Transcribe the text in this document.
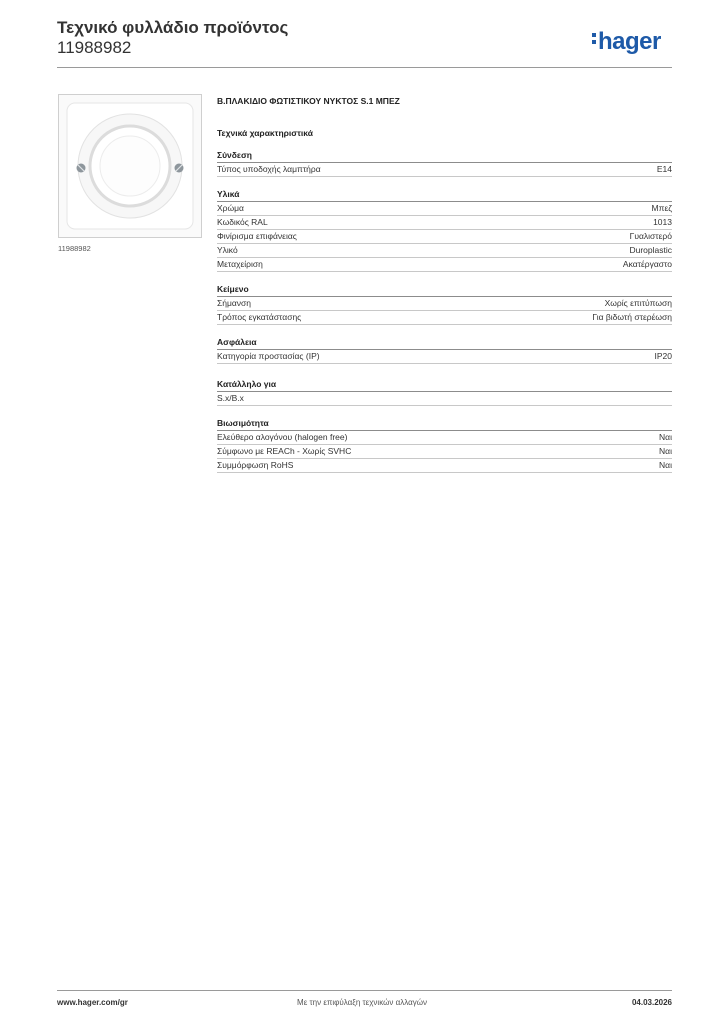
Τεχνικό φυλλάδιο προϊόντος
11988982	hager
11988982
Β.ΠΛΑΚΙΔΙΟ ΦΩΤΙΣΤΙΚΟΥ ΝΥΚΤΟΣ S.1 ΜΠΕΖ
Τεχνικά χαρακτηριστικά
Σύνδεση
Τύπος υποδοχής λαμπτήρα	E14
Υλικά
Χρώμα	Μπεζ
Κωδικός RAL	1013
Φινίρισμα επιφάνειας	Γυαλιστερό
Υλικό	Duroplastic
Μεταχείριση	Ακατέργαστο
Κείμενο
Σήμανση	Χωρίς επιτύπωση
Τρόπος εγκατάστασης	Για βιδωτή στερέωση
Ασφάλεια
Κατηγορία προστασίας (IP)	IP20
Κατάλληλο για
S.x/B.x
Βιωσιμότητα
Ελεύθερο αλογόνου (halogen free)	Ναι
Σύμφωνο με REACh - Χωρίς SVHC	Ναι
Συμμόρφωση RoHS	Ναι
www.hager.com/gr	Με την επιφύλαξη τεχνικών αλλαγών	04.03.2026
